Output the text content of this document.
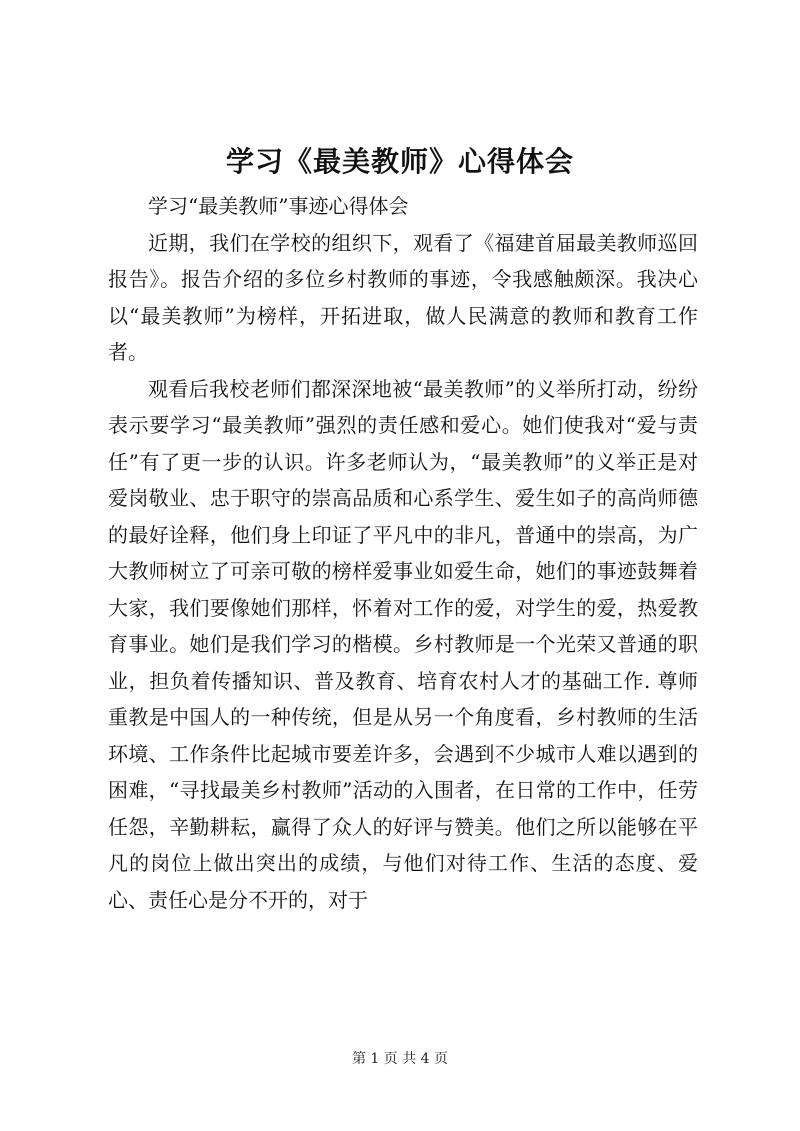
学习《最美教师》心得体会

学习“最美教师”事迹心得体会

近期，我们在学校的组织下，观看了《福建首届最美教师巡回报告》。报告介绍的多位乡村教师的事迹，令我感触颇深。我决心以“最美教师”为榜样，开拓进取，做人民满意的教师和教育工作者。

观看后我校老师们都深深地被“最美教师”的义举所打动，纷纷表示要学习“最美教师”强烈的责任感和爱心。她们使我对“爱与责任”有了更一步的认识。许多老师认为，“最美教师”的义举正是对爱岗敬业、忠于职守的崇高品质和心系学生、爱生如子的高尚师德的最好诠释，他们身上印证了平凡中的非凡，普通中的崇高，为广大教师树立了可亲可敬的榜样爱事业如爱生命，她们的事迹鼓舞着大家，我们要像她们那样，怀着对工作的爱，对学生的爱，热爱教育事业。她们是我们学习的楷模。乡村教师是一个光荣又普通的职业，担负着传播知识、普及教育、培育农村人才的基础工作. 尊师重教是中国人的一种传统，但是从另一个角度看，乡村教师的生活环境、工作条件比起城市要差许多，会遇到不少城市人难以遇到的困难，“寻找最美乡村教师”活动的入围者，在日常的工作中，任劳任怨，辛勤耕耘，赢得了众人的好评与赞美。他们之所以能够在平凡的岗位上做出突出的成绩，与他们对待工作、生活的态度、爱心、责任心是分不开的，对于

第 1 页 共 4 页
